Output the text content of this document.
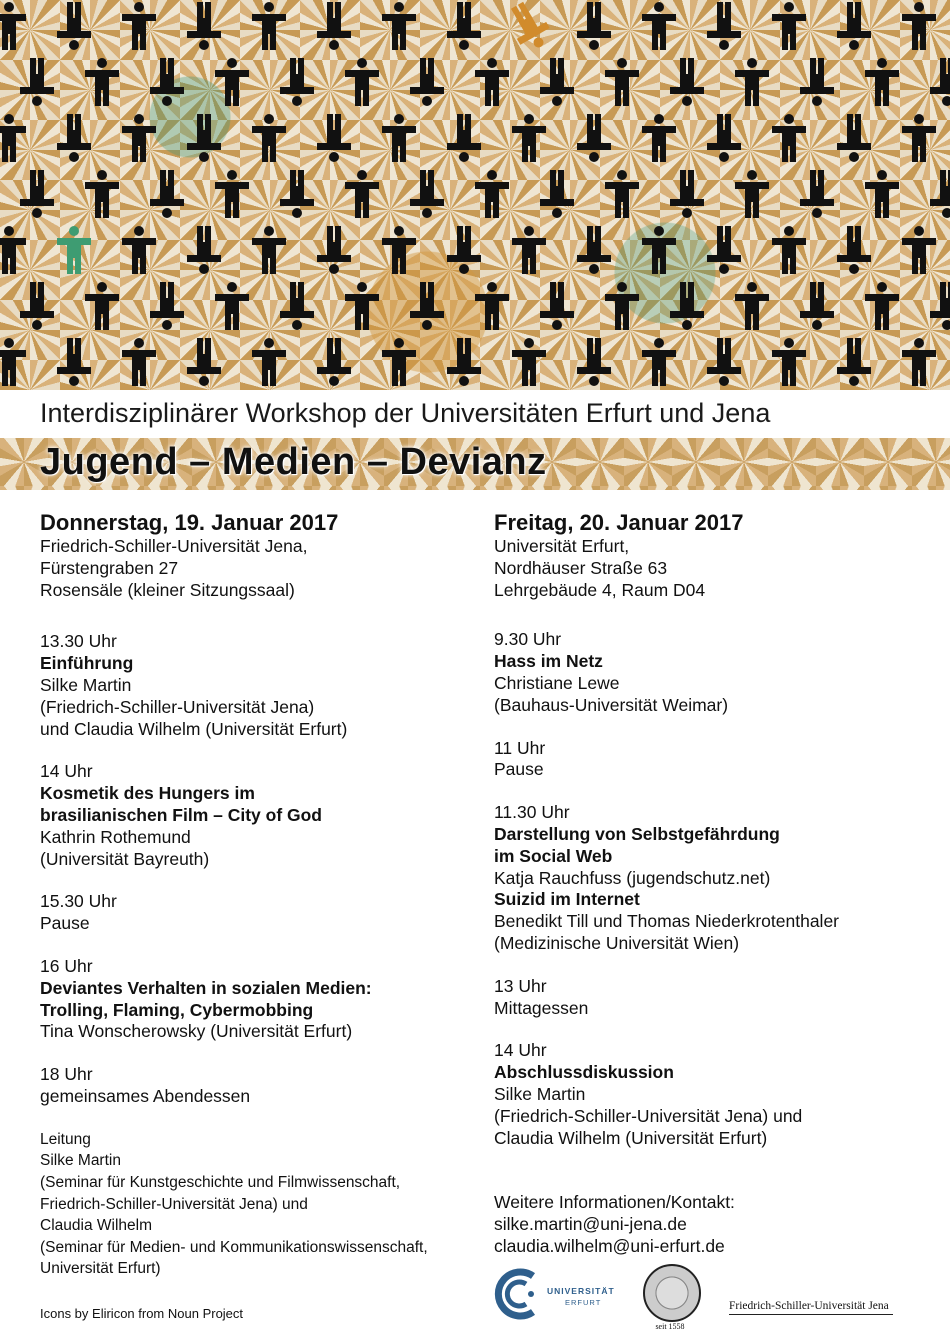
Interdisziplinärer Workshop der Universitäten Erfurt und Jena
Jugend – Medien – Devianz
Donnerstag, 19. Januar 2017
Friedrich-Schiller-Universität Jena,
Fürstengraben 27
Rosensäle (kleiner Sitzungssaal)
13.30 Uhr
Einführung
Silke Martin
(Friedrich-Schiller-Universität Jena)
und Claudia Wilhelm (Universität Erfurt)
14 Uhr
Kosmetik des Hungers im
brasilianischen Film – City of God
Kathrin Rothemund
(Universität Bayreuth)
15.30 Uhr
Pause
16 Uhr
Deviantes Verhalten in sozialen Medien:
Trolling, Flaming, Cybermobbing
Tina Wonscherowsky (Universität Erfurt)
18 Uhr
gemeinsames Abendessen
Leitung
Silke Martin
(Seminar für Kunstgeschichte und Filmwissenschaft,
Friedrich-Schiller-Universität Jena) und
Claudia Wilhelm
(Seminar für Medien- und Kommunikationswissenschaft,
Universität Erfurt)
Freitag, 20. Januar 2017
Universität Erfurt,
Nordhäuser Straße 63
Lehrgebäude 4, Raum D04
9.30 Uhr
Hass im Netz
Christiane Lewe
(Bauhaus-Universität Weimar)
11 Uhr
Pause
11.30 Uhr
Darstellung von Selbstgefährdung
im Social Web
Katja Rauchfuss (jugendschutz.net)
Suizid im Internet
Benedikt Till und Thomas Niederkrotenthaler
(Medizinische Universität Wien)
13 Uhr
Mittagessen
14 Uhr
Abschlussdiskussion
Silke Martin
(Friedrich-Schiller-Universität Jena) und
Claudia Wilhelm (Universität Erfurt)
Weitere Informationen/Kontakt:
silke.martin@uni-jena.de
claudia.wilhelm@uni-erfurt.de
Icons by Eliricon from Noun Project
UNIVERSITÄT
ERFURT
seit 1558
Friedrich-Schiller-Universität Jena
